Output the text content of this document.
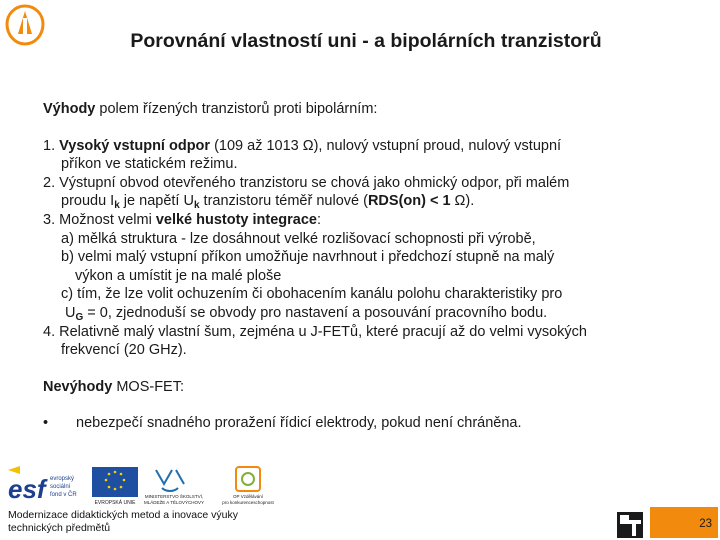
Porovnání vlastností uni - a bipolárních tranzistorů

Výhody polem řízených tranzistorů proti bipolárním:

1. Vysoký vstupní odpor (109 až 1013 Ω), nulový vstupní proud, nulový vstupní

příkon ve statickém režimu.

2. Výstupní obvod otevřeného tranzistoru se chová jako ohmický odpor, při malém

proudu $I_k$ je napětí $U_k$ tranzistoru téměř nulové (RDS(on) < 1 Ω).

3. Možnost velmi velké hustoty integrace:

a) mělká struktura - lze dosáhnout velké rozlišovací schopnosti při výrobě,

b) velmi malý vstupní příkon umožňuje navrhnout i předchozí stupně na malý

výkon a umístit je na malé ploše

c) tím, že lze volit ochuzením či obohacením kanálu polohu charakteristiky pro

$U_G = 0$, zjednoduší se obvody pro nastavení a posouvání pracovního bodu.

4. Relativně malý vlastní šum, zejména u J-FETů, které pracují až do velmi vysokých

frekvencí (20 GHz).

Nevýhody MOS-FET:

•	nebezpečí snadného proražení řídicí elektrody, pokud není chráněna.
esf evropský
sociální
fond v ČR
EVROPSKÁ UNIE
MINISTERSTVO ŠKOLSTVÍ,
MLÁDEŽE A TĚLOVÝCHOVY
OP Vzdělávání
pro konkurenceschopnost
Modernizace didaktických metod a inovace výuky
technických předmětů	23
